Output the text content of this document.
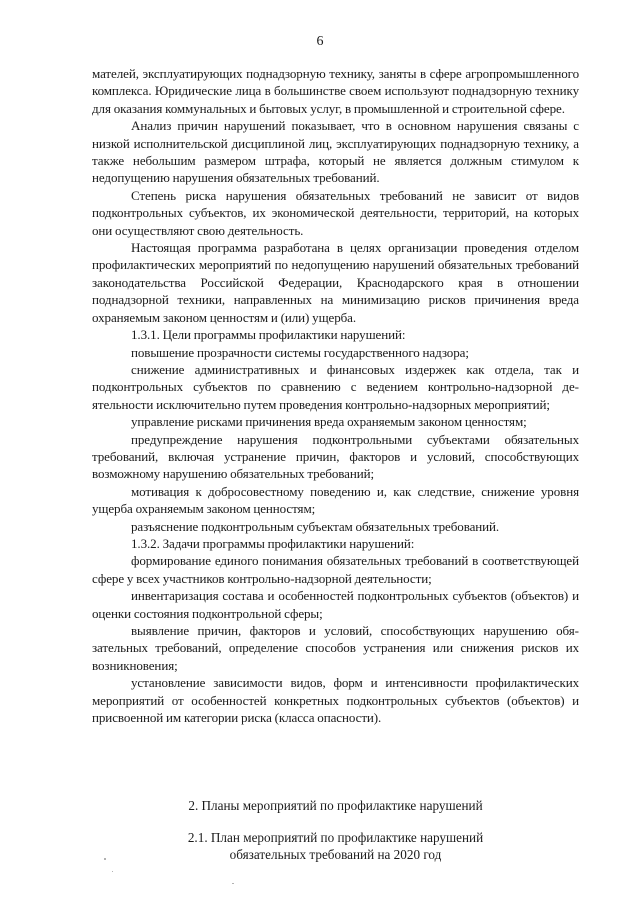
6

мателей, эксплуатирующих поднадзорную технику, заняты в сфере агропромышленного комплекса. Юридические лица в большинстве своем используют поднадзорную технику для оказания коммунальных и бытовых услуг, в промышленной и строительной сфере.

Анализ причин нарушений показывает, что в основном нарушения связаны с низкой исполнительской дисциплиной лиц, эксплуатирующих поднадзорную технику, а также небольшим размером штрафа, который не является должным стимулом к недопущению нарушения обязательных требований.

Степень риска нарушения обязательных требований не зависит от видов подконтрольных субъектов, их экономической деятельности, территорий, на которых они осуществляют свою деятельность.

Настоящая программа разработана в целях организации проведения отделом профилактических мероприятий по недопущению нарушений обязательных требований законодательства Российской Федерации, Краснодарского края в отношении поднадзорной техники, направленных на минимизацию рисков причинения вреда охраняемым законом ценностям и (или) ущерба.

1.3.1. Цели программы профилактики нарушений:

повышение прозрачности системы государственного надзора;

снижение административных и финансовых издержек как отдела, так и подконтрольных субъектов по сравнению с ведением контрольно-надзорной деятельности исключительно путем проведения контрольно-надзорных мероприятий;

управление рисками причинения вреда охраняемым законом ценностям;

предупреждение нарушения подконтрольными субъектами обязательных требований, включая устранение причин, факторов и условий, способствующих возможному нарушению обязательных требований;

мотивация к добросовестному поведению и, как следствие, снижение уровня ущерба охраняемым законом ценностям;

разъяснение подконтрольным субъектам обязательных требований.

1.3.2. Задачи программы профилактики нарушений:

формирование единого понимания обязательных требований в соответствующей сфере у всех участников контрольно-надзорной деятельности;

инвентаризация состава и особенностей подконтрольных субъектов (объектов) и оценки состояния подконтрольной сферы;

выявление причин, факторов и условий, способствующих нарушению обязательных требований, определение способов устранения или снижения рисков их возникновения;

установление зависимости видов, форм и интенсивности профилактических мероприятий от особенностей конкретных подконтрольных субъектов (объектов) и присвоенной им категории риска (класса опасности).

2. Планы мероприятий по профилактике нарушений
2.1. План мероприятий по профилактике нарушений
обязательных требований на 2020 год
